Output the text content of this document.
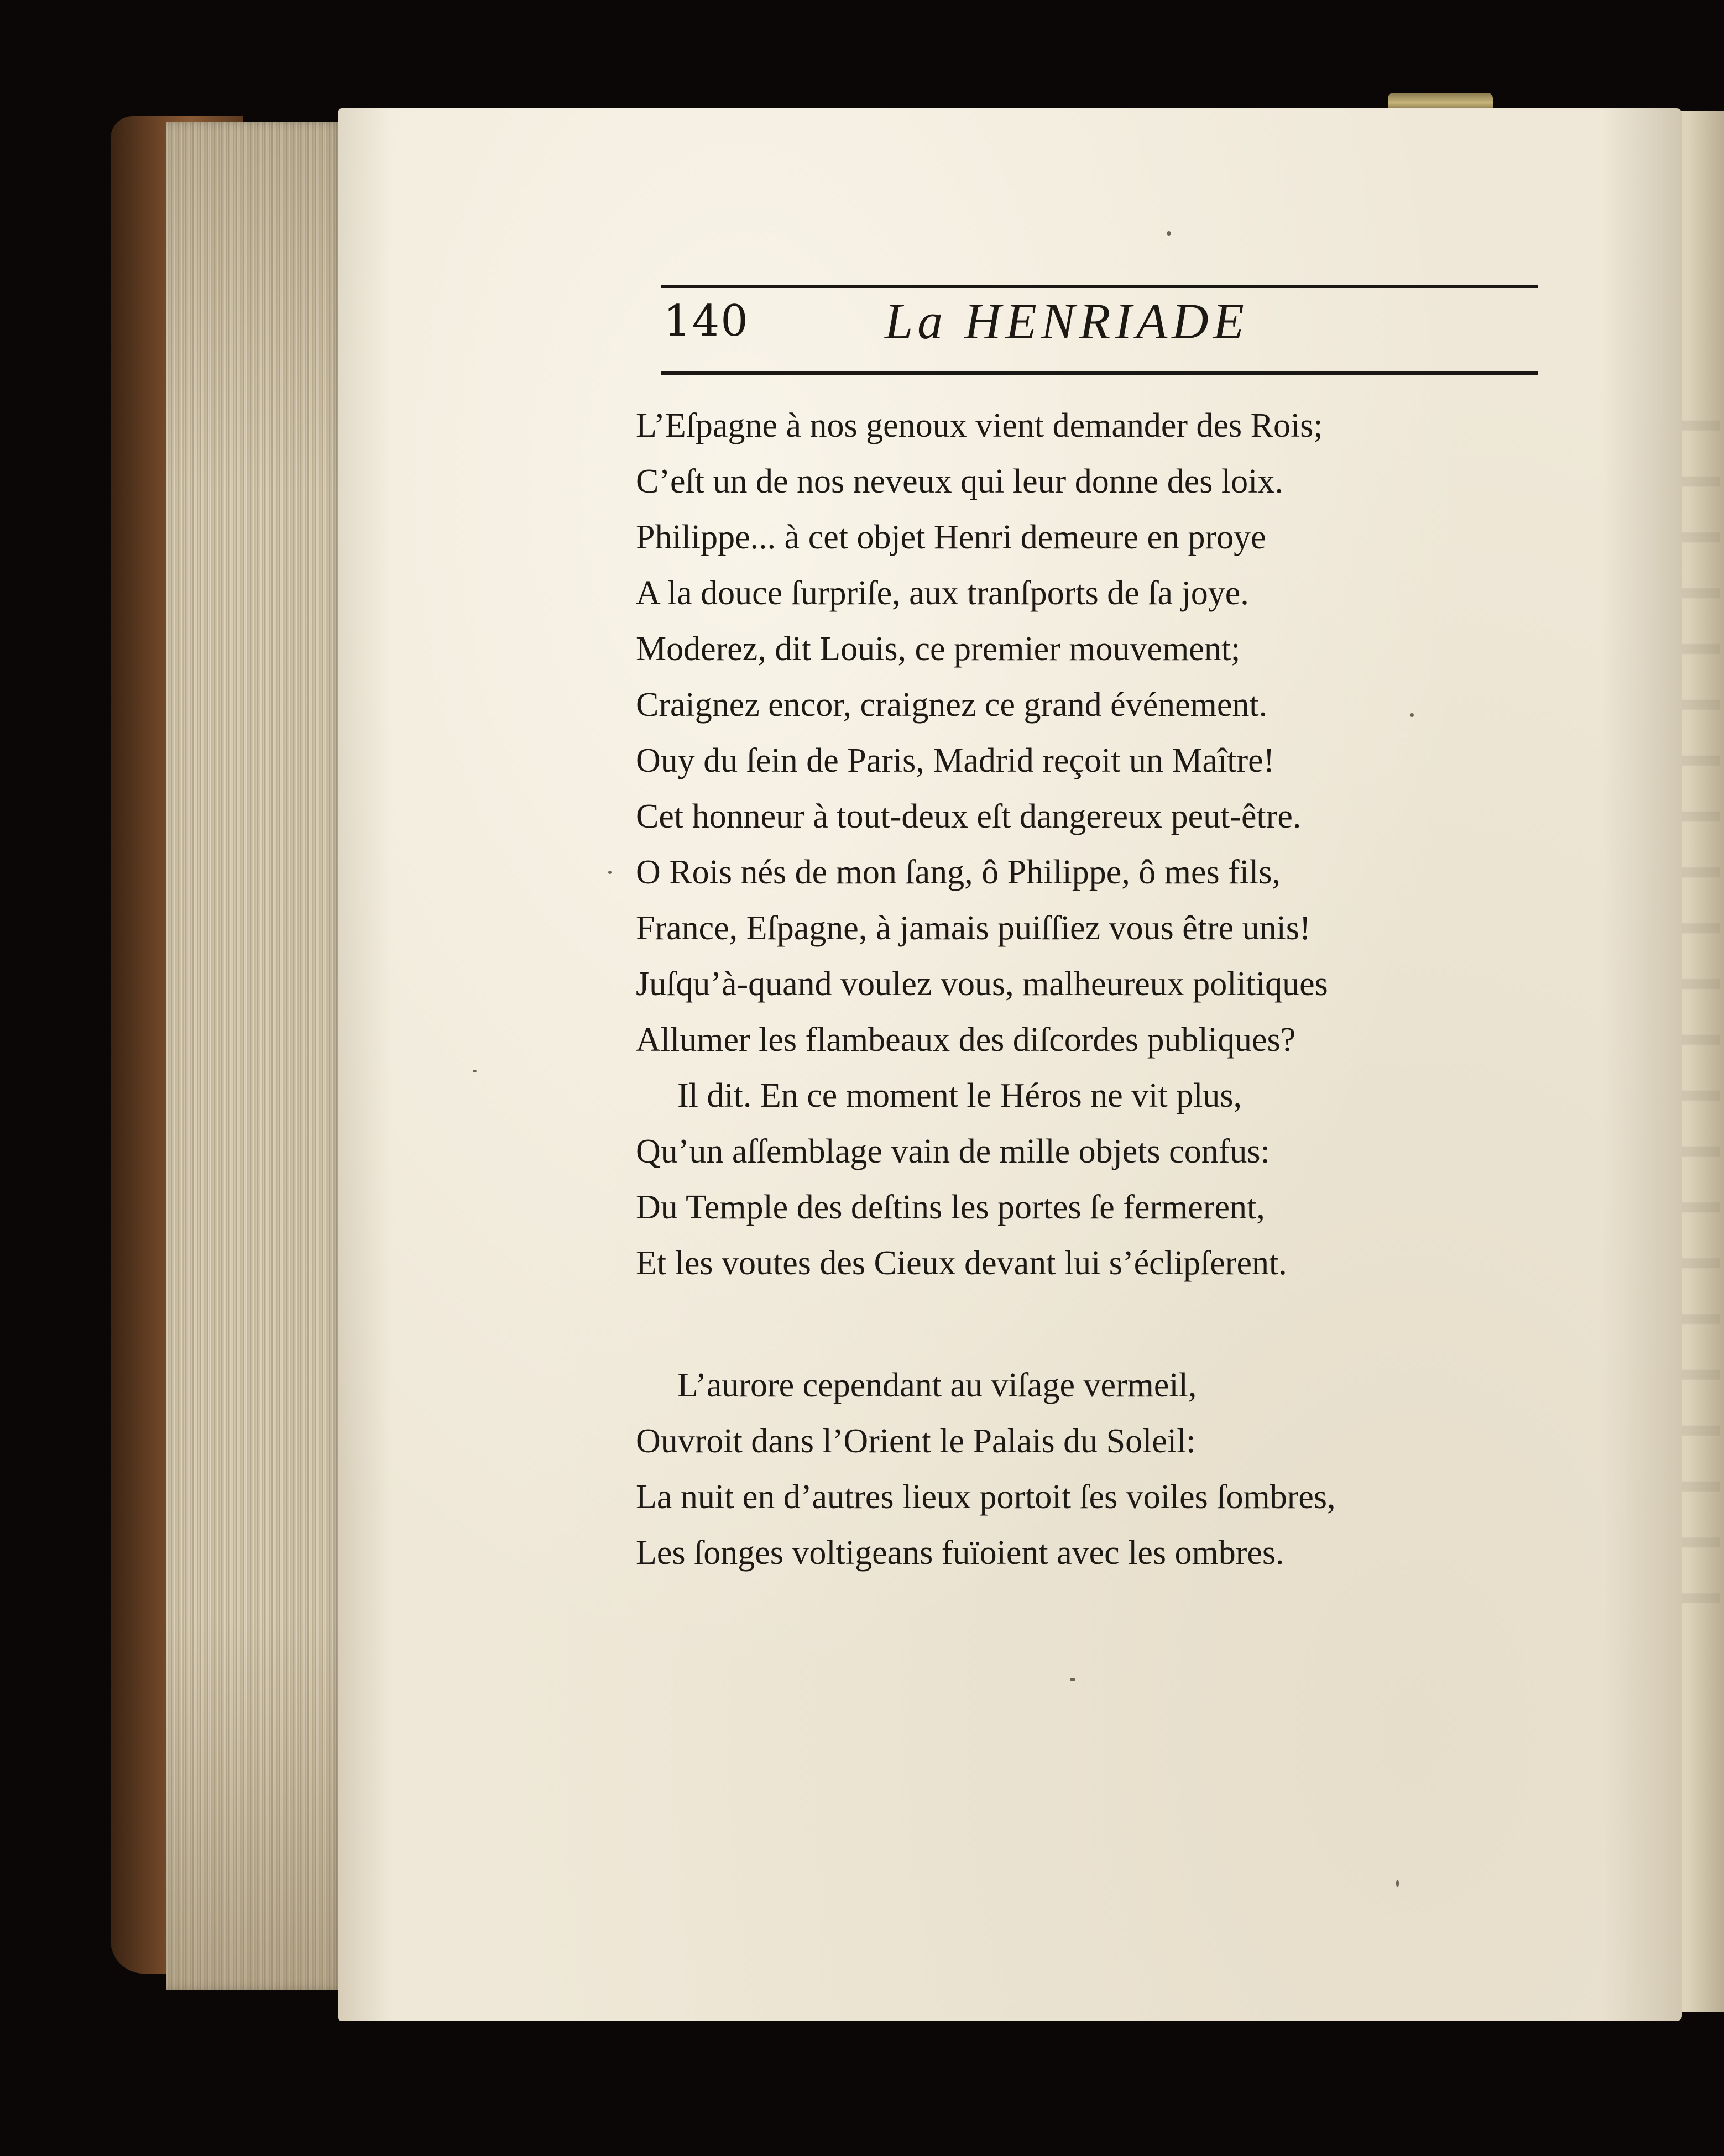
140	La HENRIADE
L’Eſpagne à nos genoux vient demander des Rois;
C’eſt un de nos neveux qui leur donne des loix.
Philippe... à cet objet Henri demeure en proye
A la douce ſurpriſe, aux tranſports de ſa joye.
Moderez, dit Louis, ce premier mouvement;
Craignez encor, craignez ce grand événement.
Ouy du ſein de Paris, Madrid reçoit un Maître!
Cet honneur à tout-deux eſt dangereux peut-être.
O Rois nés de mon ſang, ô Philippe, ô mes fils,
France, Eſpagne, à jamais puiſſiez vous être unis!
Juſqu’à-quand voulez vous, malheureux politiques
Allumer les flambeaux des diſcordes publiques?
Il dit. En ce moment le Héros ne vit plus,
Qu’un aſſemblage vain de mille objets confus:
Du Temple des deſtins les portes ſe fermerent,
Et les voutes des Cieux devant lui s’éclipſerent.
L’aurore cependant au viſage vermeil,
Ouvroit dans l’Orient le Palais du Soleil:
La nuit en d’autres lieux portoit ſes voiles ſombres,
Les ſonges voltigeans fuïoient avec les ombres.
